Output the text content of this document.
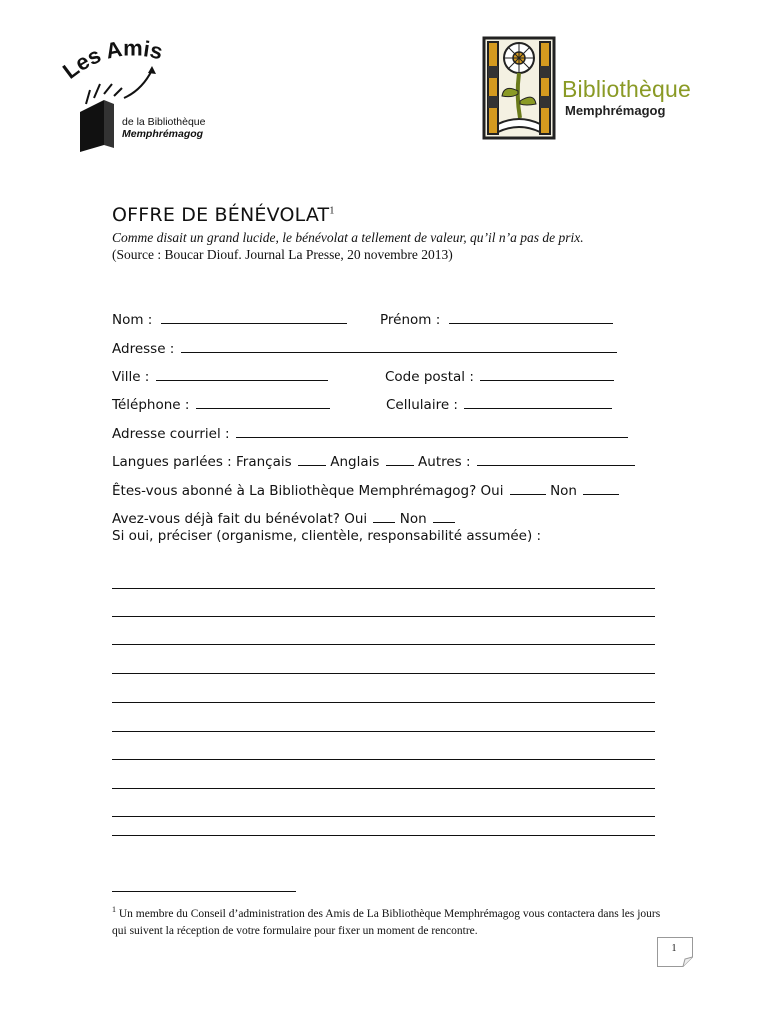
es Amis
de la Bibliothèque
Memphrémagog
Bibliothèque
Memphrémagog
OFFRE DE BÉNÉVOLAT$^1$
Comme disait un grand lucide, le bénévolat a tellement de valeur, qu’il n’a pas de prix.
(Source : Boucar Diouf. Journal La Presse, 20 novembre 2013)
Nom :	Prénom :
Adresse :
Ville :	Code postal :
Téléphone :	Cellulaire :
Adresse courriel :
Langues parlées : Français	Anglais	Autres :
Êtes-vous abonné à La Bibliothèque Memphrémagog? Oui	Non
Avez-vous déjà fait du bénévolat? Oui Non
Si oui, préciser (organisme, clientèle, responsabilité assumée) :
$^1$ Un membre du Conseil d’administration des Amis de La Bibliothèque Memphrémagog vous contactera dans les jours qui suivent la réception de votre formulaire pour fixer un moment de rencontre.
1
